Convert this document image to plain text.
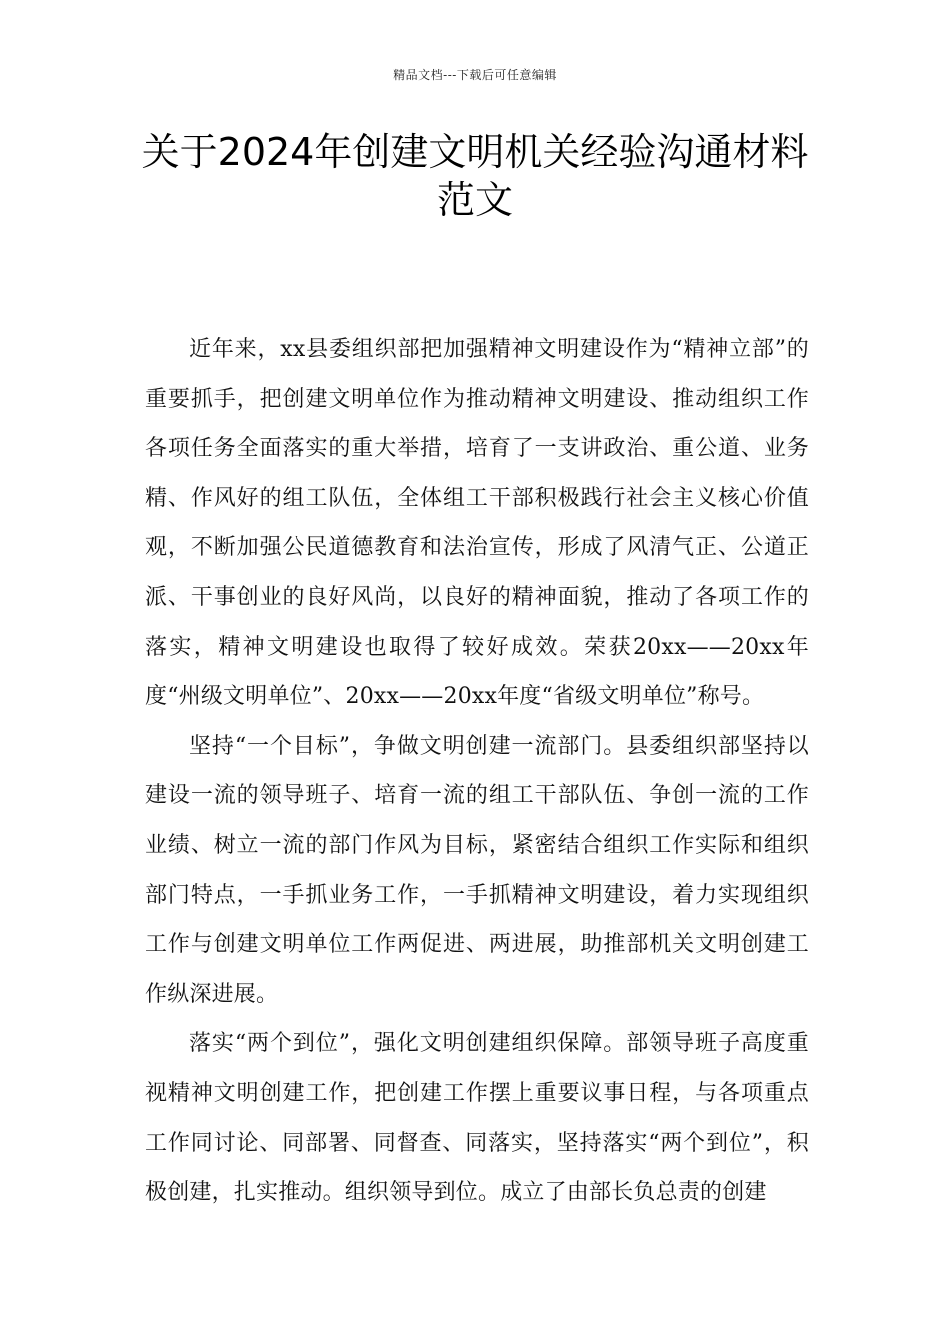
精品文档---下载后可任意编辑
关于2024年创建文明机关经验沟通材料范文

近年来，xx县委组织部把加强精神文明建设作为“精神立部”的重要抓手，把创建文明单位作为推动精神文明建设、推动组织工作各项任务全面落实的重大举措，培育了一支讲政治、重公道、业务精、作风好的组工队伍，全体组工干部积极践行社会主义核心价值观，不断加强公民道德教育和法治宣传，形成了风清气正、公道正派、干事创业的良好风尚，以良好的精神面貌，推动了各项工作的落实，精神文明建设也取得了较好成效。荣获20xx——20xx年度“州级文明单位”、20xx——20xx年度“省级文明单位”称号。

坚持“一个目标”，争做文明创建一流部门。县委组织部坚持以建设一流的领导班子、培育一流的组工干部队伍、争创一流的工作业绩、树立一流的部门作风为目标，紧密结合组织工作实际和组织部门特点，一手抓业务工作，一手抓精神文明建设，着力实现组织工作与创建文明单位工作两促进、两进展，助推部机关文明创建工作纵深进展。

落实“两个到位”，强化文明创建组织保障。部领导班子高度重视精神文明创建工作，把创建工作摆上重要议事日程，与各项重点工作同讨论、同部署、同督查、同落实，坚持落实“两个到位”，积极创建，扎实推动。组织领导到位。成立了由部长负总责的创建
